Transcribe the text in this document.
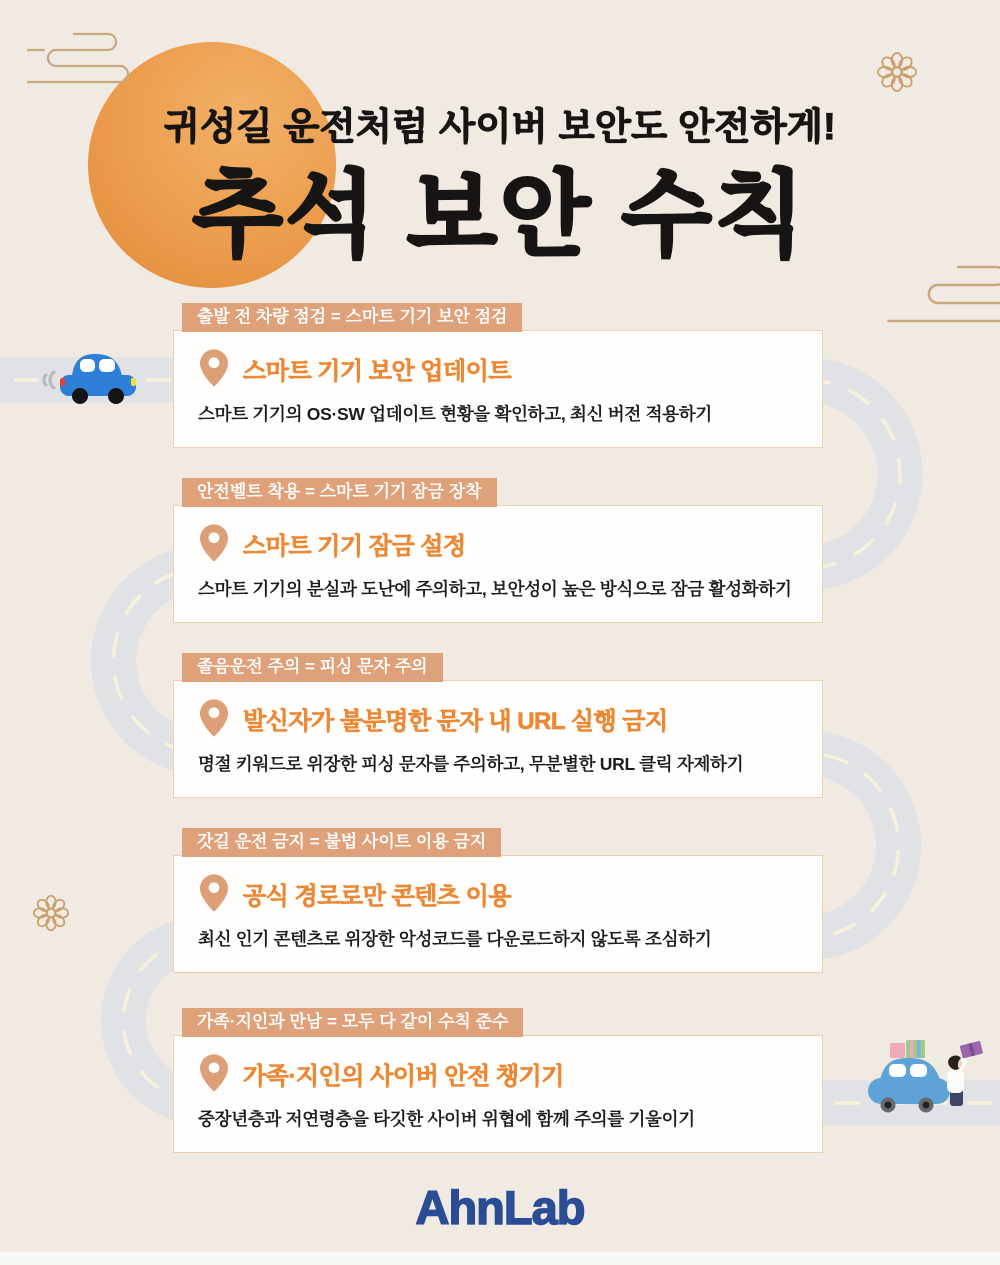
귀성길 운전처럼 사이버 보안도 안전하게!
추석 보안 수칙
출발 전 차량 점검 = 스마트 기기 보안 점검
스마트 기기 보안 업데이트
스마트 기기의 OS·SW 업데이트 현황을 확인하고, 최신 버전 적용하기
안전벨트 착용 = 스마트 기기 잠금 장착
스마트 기기 잠금 설정
스마트 기기의 분실과 도난에 주의하고, 보안성이 높은 방식으로 잠금 활성화하기
졸음운전 주의 = 피싱 문자 주의
발신자가 불분명한 문자 내 URL 실행 금지
명절 키워드로 위장한 피싱 문자를 주의하고, 무분별한 URL 클릭 자제하기
갓길 운전 금지 = 불법 사이트 이용 금지
공식 경로로만 콘텐츠 이용
최신 인기 콘텐츠로 위장한 악성코드를 다운로드하지 않도록 조심하기
가족·지인과 만남 = 모두 다 같이 수칙 준수
가족·지인의 사이버 안전 챙기기
중장년층과 저연령층을 타깃한 사이버 위협에 함께 주의를 기울이기
AhnLab
